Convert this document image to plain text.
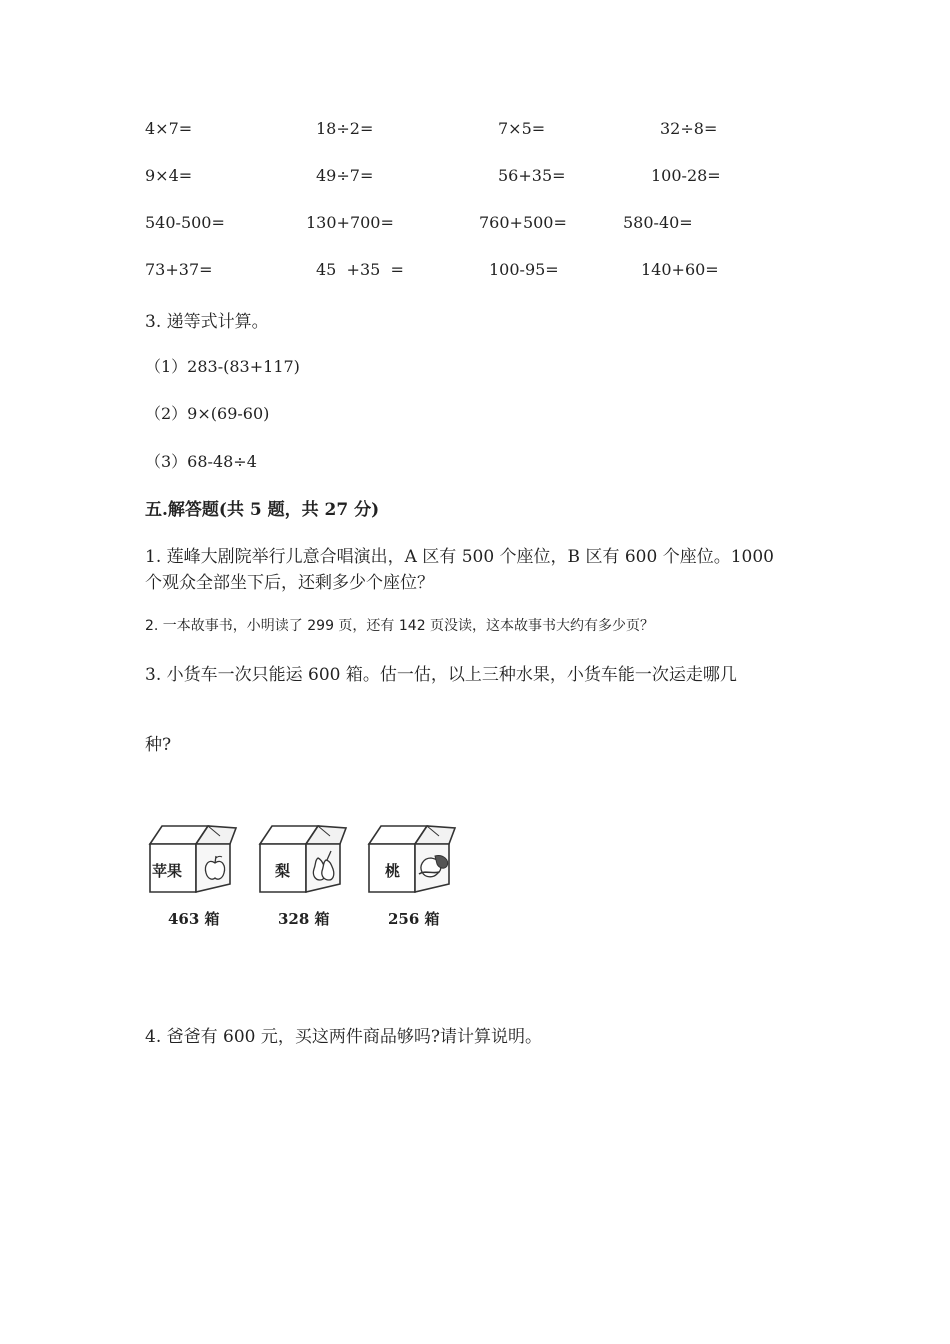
4×7=	18÷2=	7×5=	32÷8=
9×4=	49÷7=	56+35=	100-28=
540-500=	130+700=	760+500=	580-40=
73+37=	45  +35  =	100-95=	140+60=
3. 递等式计算。
（1）283-(83+117)
（2）9×(69-60)
（3）68-48÷4
五.解答题(共 5 题，共 27 分)
1. 莲峰大剧院举行儿意合唱演出，A 区有 500 个座位，B 区有 600 个座位。1000
个观众全部坐下后，还剩多少个座位？
2. 一本故事书，小明读了 299 页，还有 142 页没读，这本故事书大约有多少页？
3. 小货车一次只能运 600 箱。估一估，以上三种水果，小货车能一次运走哪几
种?
苹果
463 箱
梨
328 箱
桃
256 箱
4. 爸爸有 600 元，买这两件商品够吗?请计算说明。
